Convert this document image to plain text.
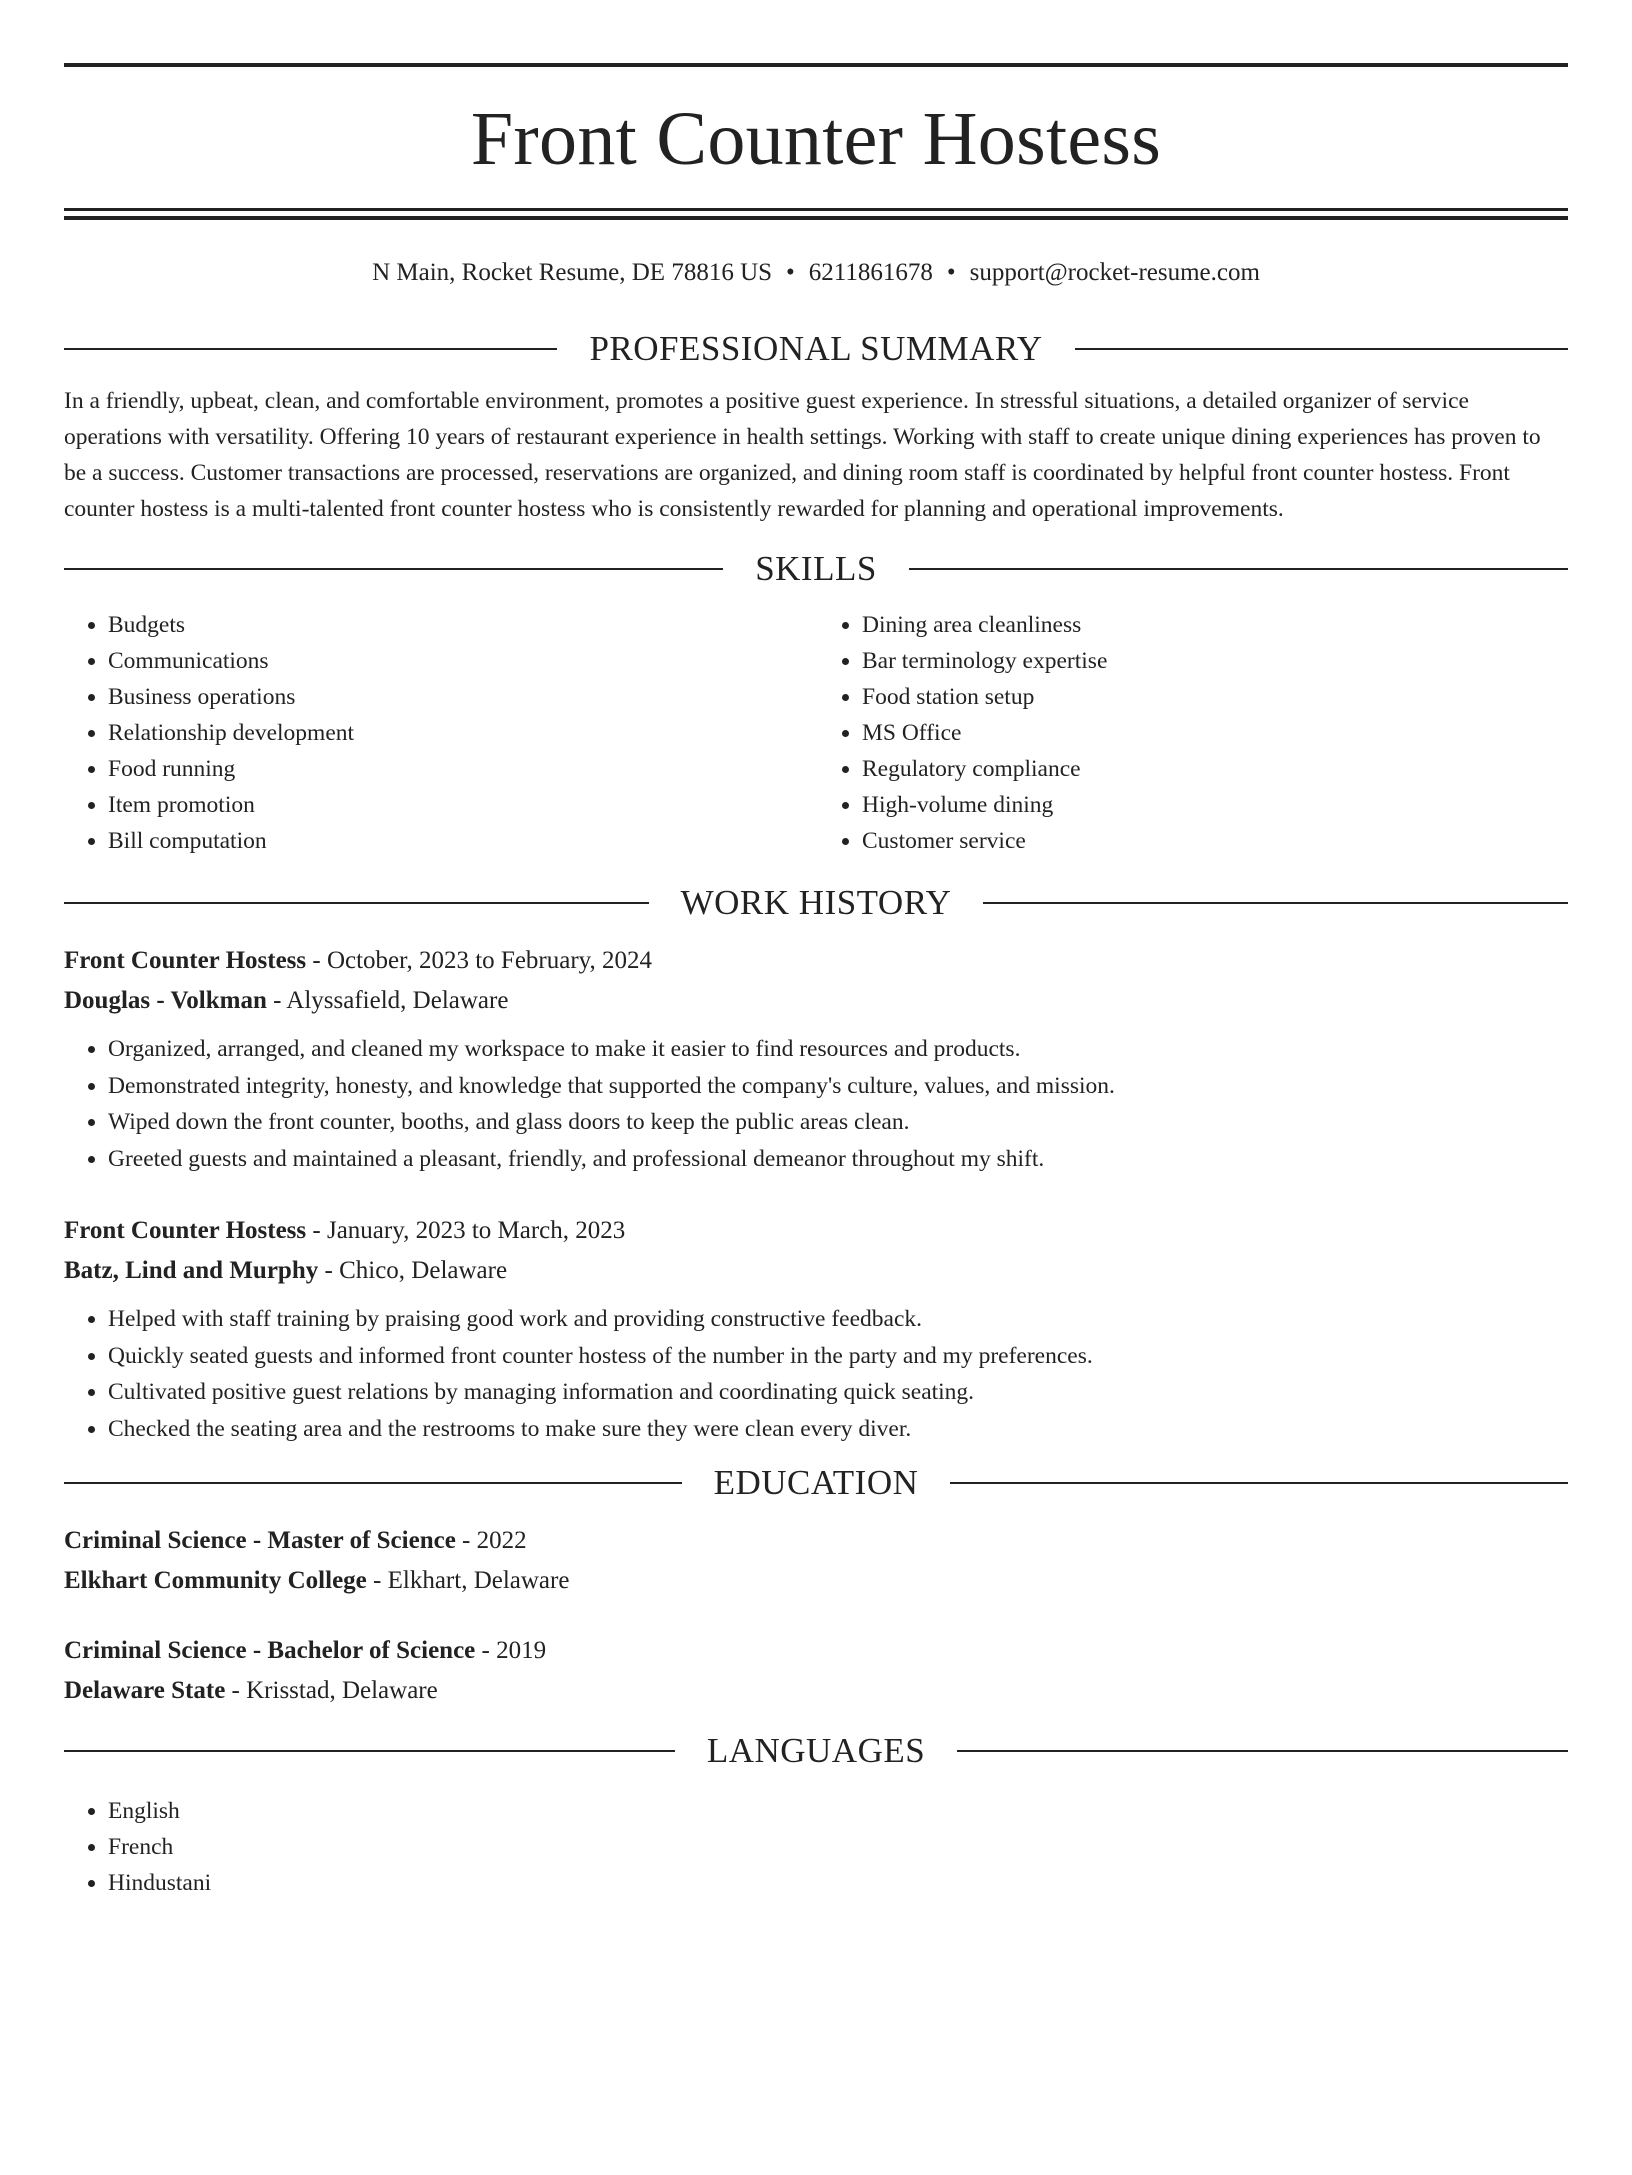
Front Counter Hostess
N Main, Rocket Resume, DE 78816 US • 6211861678 • support@rocket-resume.com
PROFESSIONAL SUMMARY

In a friendly, upbeat, clean, and comfortable environment, promotes a positive guest experience. In stressful situations, a detailed organizer of service operations with versatility. Offering 10 years of restaurant experience in health settings. Working with staff to create unique dining experiences has proven to be a success. Customer transactions are processed, reservations are organized, and dining room staff is coordinated by helpful front counter hostess. Front counter hostess is a multi-talented front counter hostess who is consistently rewarded for planning and operational improvements.

SKILLS
• Budgets
• Communications
• Business operations
• Relationship development
• Food running
• Item promotion
• Bill computation
• Dining area cleanliness
• Bar terminology expertise
• Food station setup
• MS Office
• Regulatory compliance
• High-volume dining
• Customer service
WORK HISTORY
Front Counter Hostess - October, 2023 to February, 2024
Douglas - Volkman - Alyssafield, Delaware
• Organized, arranged, and cleaned my workspace to make it easier to find resources and products.
• Demonstrated integrity, honesty, and knowledge that supported the company's culture, values, and mission.
• Wiped down the front counter, booths, and glass doors to keep the public areas clean.
• Greeted guests and maintained a pleasant, friendly, and professional demeanor throughout my shift.
Front Counter Hostess - January, 2023 to March, 2023
Batz, Lind and Murphy - Chico, Delaware
• Helped with staff training by praising good work and providing constructive feedback.
• Quickly seated guests and informed front counter hostess of the number in the party and my preferences.
• Cultivated positive guest relations by managing information and coordinating quick seating.
• Checked the seating area and the restrooms to make sure they were clean every diver.
EDUCATION
Criminal Science - Master of Science - 2022
Elkhart Community College - Elkhart, Delaware
Criminal Science - Bachelor of Science - 2019
Delaware State - Krisstad, Delaware
LANGUAGES
• English
• French
• Hindustani
